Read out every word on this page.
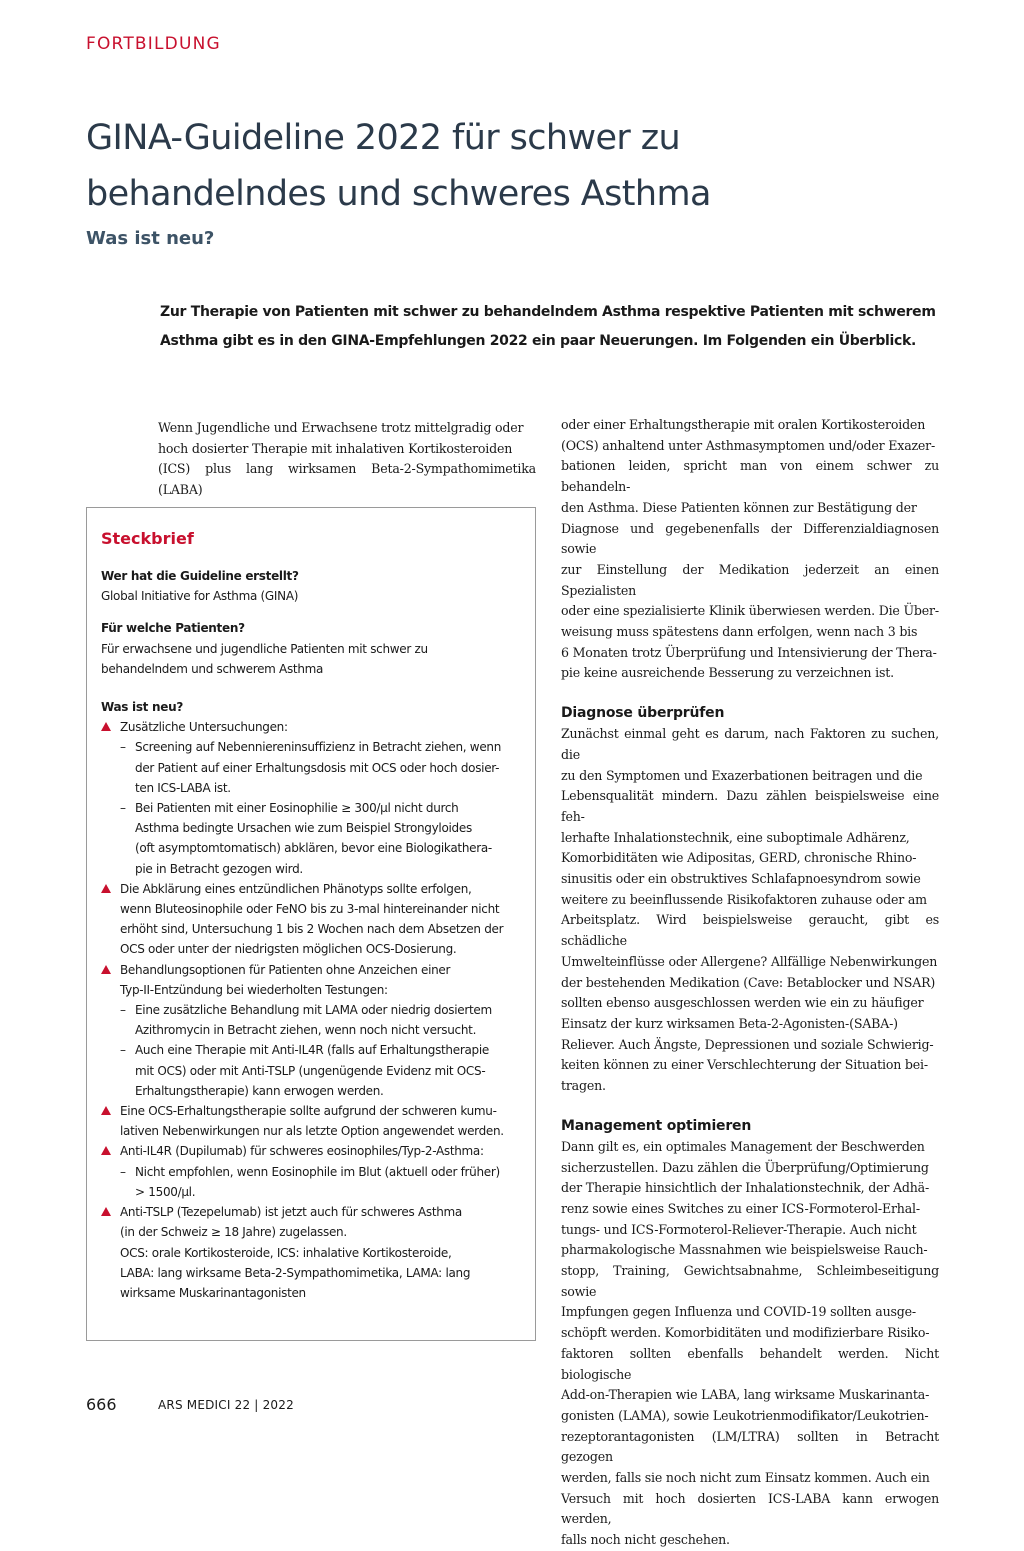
FORTBILDUNG
GINA-Guideline 2022 für schwer zu
behandelndes und schweres Asthma
Was ist neu?
Zur Therapie von Patienten mit schwer zu behandelndem Asthma respektive Patienten mit schwerem
Asthma gibt es in den GINA-Empfehlungen 2022 ein paar Neuerungen. Im Folgenden ein Überblick.
Wenn Jugendliche und Erwachsene trotz mittelgradig oder
hoch dosierter Therapie mit inhalativen Kortikosteroiden
(ICS) plus lang wirksamen Beta-2-Sympathomimetika (LABA)
Steckbrief
Wer hat die Guideline erstellt?
Global Initiative for Asthma (GINA)
Für welche Patienten?
Für erwachsene und jugendliche Patienten mit schwer zu
behandelndem und schwerem Asthma
Was ist neu?
Zusätzliche Untersuchungen:
– Screening auf Nebenniereninsuffizienz in Betracht ziehen, wenn
der Patient auf einer Erhaltungsdosis mit OCS oder hoch dosier-
ten ICS-LABA ist.
– Bei Patienten mit einer Eosinophilie ≥ 300/µl nicht durch
Asthma bedingte Ursachen wie zum Beispiel Strongyloides
(oft asymptomtomatisch) abklären, bevor eine Biologikathera-
pie in Betracht gezogen wird.
Die Abklärung eines entzündlichen Phänotyps sollte erfolgen,
wenn Bluteosinophile oder FeNO bis zu 3-mal hintereinander nicht
erhöht sind, Untersuchung 1 bis 2 Wochen nach dem Absetzen der
OCS oder unter der niedrigsten möglichen OCS-Dosierung.
Behandlungsoptionen für Patienten ohne Anzeichen einer
Typ-II-Entzündung bei wiederholten Testungen:
– Eine zusätzliche Behandlung mit LAMA oder niedrig dosiertem
Azithromycin in Betracht ziehen, wenn noch nicht versucht.
– Auch eine Therapie mit Anti-IL4R (falls auf Erhaltungstherapie
mit OCS) oder mit Anti-TSLP (ungenügende Evidenz mit OCS-
Erhaltungstherapie) kann erwogen werden.
Eine OCS-Erhaltungstherapie sollte aufgrund der schweren kumu-
lativen Nebenwirkungen nur als letzte Option angewendet werden.
Anti-IL4R (Dupilumab) für schweres eosinophiles/Typ-2-Asthma:
– Nicht empfohlen, wenn Eosinophile im Blut (aktuell oder früher)
> 1500/µl.
Anti-TSLP (Tezepelumab) ist jetzt auch für schweres Asthma
(in der Schweiz ≥ 18 Jahre) zugelassen.
OCS: orale Kortikosteroide, ICS: inhalative Kortikosteroide,
LABA: lang wirksame Beta-2-Sympathomimetika, LAMA: lang
wirksame Muskarinantagonisten
oder einer Erhaltungstherapie mit oralen Kortikosteroiden
(OCS) anhaltend unter Asthmasymptomen und/oder Exazer-
bationen leiden, spricht man von einem schwer zu behandeln-
den Asthma. Diese Patienten können zur Bestätigung der
Diagnose und gegebenenfalls der Differenzialdiagnosen sowie
zur Einstellung der Medikation jederzeit an einen Spezialisten
oder eine spezialisierte Klinik überwiesen werden. Die Über-
weisung muss spätestens dann erfolgen, wenn nach 3 bis
6 Monaten trotz Überprüfung und Intensivierung der Thera-
pie keine ausreichende Besserung zu verzeichnen ist.
Diagnose überprüfen
Zunächst einmal geht es darum, nach Faktoren zu suchen, die
zu den Symptomen und Exazerbationen beitragen und die
Lebensqualität mindern. Dazu zählen beispielsweise eine feh-
lerhafte Inhalationstechnik, eine suboptimale Adhärenz,
Komorbiditäten wie Adipositas, GERD, chronische Rhino-
sinusitis oder ein obstruktives Schlafapnoesyndrom sowie
weitere zu beeinflussende Risikofaktoren zuhause oder am
Arbeitsplatz. Wird beispielsweise geraucht, gibt es schädliche
Umwelteinflüsse oder Allergene? Allfällige Nebenwirkungen
der bestehenden Medikation (Cave: Betablocker und NSAR)
sollten ebenso ausgeschlossen werden wie ein zu häufiger
Einsatz der kurz wirksamen Beta-2-Agonisten-(SABA-)
Reliever. Auch Ängste, Depressionen und soziale Schwierig-
keiten können zu einer Verschlechterung der Situation bei-
tragen.
Management optimieren
Dann gilt es, ein optimales Management der Beschwerden
sicherzustellen. Dazu zählen die Überprüfung/Optimierung
der Therapie hinsichtlich der Inhalationstechnik, der Adhä-
renz sowie eines Switches zu einer ICS-Formoterol-Erhal-
tungs- und ICS-Formoterol-Reliever-Therapie. Auch nicht
pharmakologische Massnahmen wie beispielsweise Rauch-
stopp, Training, Gewichtsabnahme, Schleimbeseitigung sowie
Impfungen gegen Influenza und COVID-19 sollten ausge-
schöpft werden. Komorbiditäten und modifizierbare Risiko-
faktoren sollten ebenfalls behandelt werden. Nicht biologische
Add-on-Therapien wie LABA, lang wirksame Muskarinanta-
gonisten (LAMA), sowie Leukotrienmodifikator/Leukotrien-
rezeptorantagonisten (LM/LTRA) sollten in Betracht gezogen
werden, falls sie noch nicht zum Einsatz kommen. Auch ein
Versuch mit hoch dosierten ICS-LABA kann erwogen werden,
falls noch nicht geschehen.
666	ARS MEDICI 22 | 2022
